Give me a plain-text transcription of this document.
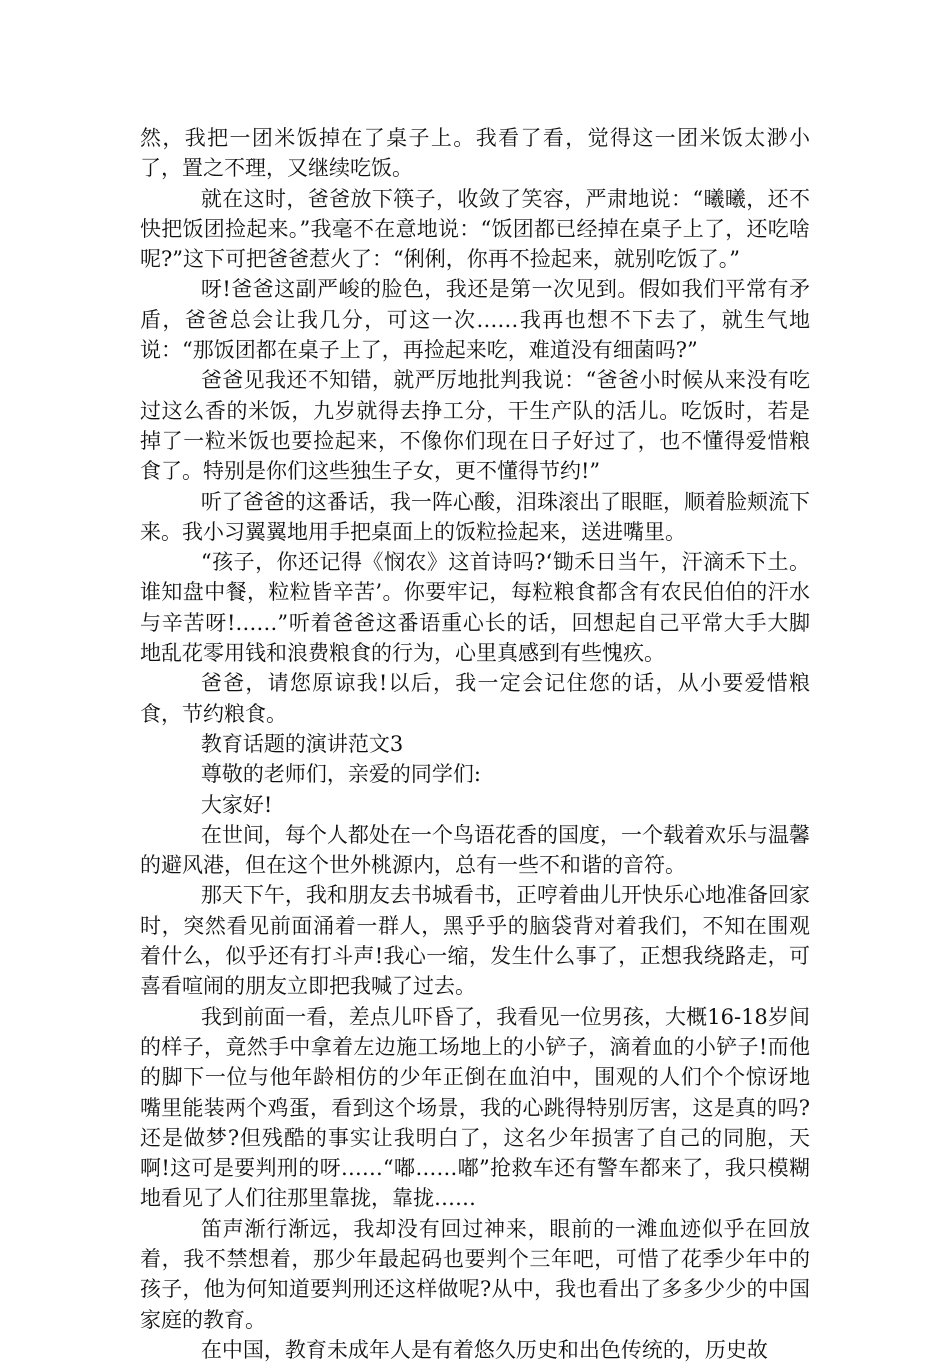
然，我把一团米饭掉在了桌子上。我看了看，觉得这一团米饭太渺小了，置之不理，又继续吃饭。

就在这时，爸爸放下筷子，收敛了笑容，严肃地说：“曦曦，还不快把饭团捡起来。”我毫不在意地说：“饭团都已经掉在桌子上了，还吃啥呢?”这下可把爸爸惹火了：“俐俐，你再不捡起来，就别吃饭了。”

呀!爸爸这副严峻的脸色，我还是第一次见到。假如我们平常有矛盾，爸爸总会让我几分，可这一次……我再也想不下去了，就生气地说：“那饭团都在桌子上了，再捡起来吃，难道没有细菌吗?”

爸爸见我还不知错，就严厉地批判我说：“爸爸小时候从来没有吃过这么香的米饭，九岁就得去挣工分，干生产队的活儿。吃饭时，若是掉了一粒米饭也要捡起来，不像你们现在日子好过了，也不懂得爱惜粮食了。特别是你们这些独生子女，更不懂得节约!”

听了爸爸的这番话，我一阵心酸，泪珠滚出了眼眶，顺着脸颊流下来。我小习翼翼地用手把桌面上的饭粒捡起来，送进嘴里。

“孩子，你还记得《悯农》这首诗吗?‘锄禾日当午，汗滴禾下土。谁知盘中餐，粒粒皆辛苦’。你要牢记，每粒粮食都含有农民伯伯的汗水与辛苦呀!……”听着爸爸这番语重心长的话，回想起自己平常大手大脚地乱花零用钱和浪费粮食的行为，心里真感到有些愧疚。

爸爸，请您原谅我!以后，我一定会记住您的话，从小要爱惜粮食，节约粮食。

教育话题的演讲范文3

尊敬的老师们，亲爱的同学们:

大家好!

在世间，每个人都处在一个鸟语花香的国度，一个载着欢乐与温馨的避风港，但在这个世外桃源内，总有一些不和谐的音符。

那天下午，我和朋友去书城看书，正哼着曲儿开快乐心地准备回家时，突然看见前面涌着一群人，黑乎乎的脑袋背对着我们，不知在围观着什么，似乎还有打斗声!我心一缩，发生什么事了，正想我绕路走，可喜看喧闹的朋友立即把我喊了过去。

我到前面一看，差点儿吓昏了，我看见一位男孩，大概16-18岁间的样子，竟然手中拿着左边施工场地上的小铲子，滴着血的小铲子!而他的脚下一位与他年龄相仿的少年正倒在血泊中，围观的人们个个惊讶地嘴里能装两个鸡蛋，看到这个场景，我的心跳得特别厉害，这是真的吗?还是做梦?但残酷的事实让我明白了，这名少年损害了自己的同胞，天啊!这可是要判刑的呀……“嘟……嘟”抢救车还有警车都来了，我只模糊地看见了人们往那里靠拢，靠拢……

笛声渐行渐远，我却没有回过神来，眼前的一滩血迹似乎在回放着，我不禁想着，那少年最起码也要判个三年吧，可惜了花季少年中的孩子，他为何知道要判刑还这样做呢?从中，我也看出了多多少少的中国家庭的教育。

在中国，教育未成年人是有着悠久历史和出色传统的，历史故
